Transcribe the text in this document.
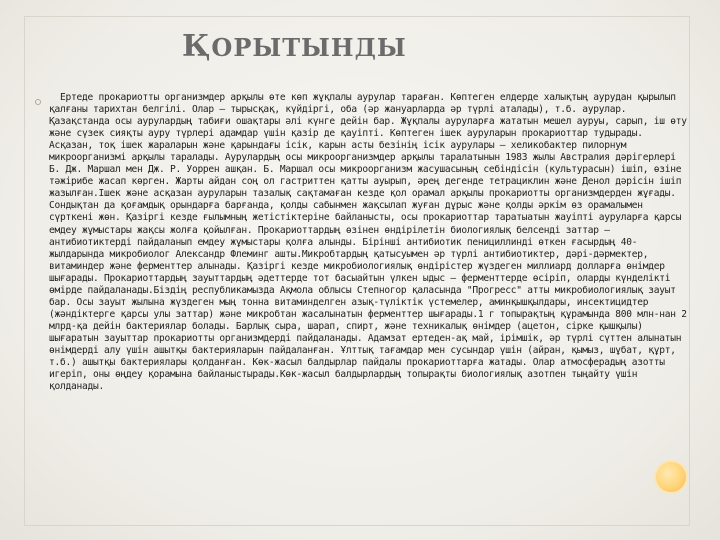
ҚОРЫТЫНДЫ

Ертеде прокариотты организмдер арқылы өте көп жұқпалы аурулар тараған. Көптеген елдерде халықтың аурудан қырылып қалғаны тарихтан белгілі. Олар — тырысқақ, күйдіргі, оба (әр жануарларда әр түрлі аталады), т.б. аурулар. Қазақстанда осы аурулардың табиғи ошақтары әлі күнге дейін бар. Жұқпалы ауруларға жататын мешел ауруы, сарып, іш өту және сүзек сияқты ауру түрлері адамдар үшін қазір де қауіпті. Көптеген ішек ауруларын прокариоттар тудырады. Асқазан, тоқ ішек жараларын және қарындағы ісік, карын асты безінің ісік аурулары — хеликобактер пилорнум микроорганизмі арқылы таралады. Аурулардың осы микроорганизмдер арқылы таралатынын 1983 жылы Австралия дәрігерлері Б. Дж. Маршал мен Дж. Р. Уоррен ашқан. Б. Маршал осы микроорганизм жасушасының себіндісін (культурасын) ішіп, өзіне тәжірибе жасап көрген. Жарты айдан соң ол гастриттен қатты ауырып, әрең дегенде тетрациклин және Денол дәрісін ішіп жазылған.Ішек және асқазан ауруларын тазалық сақтамаған кезде қол орамал арқылы прокариотты организмдерден жұғады. Сондықтан да қоғамдық орындарға барғанда, қолды сабынмен жақсылап жуған дұрыс және қолды әркім өз орамалымен сүрткені жөн. Қазіргі кезде ғылымның жетістіктеріне байланысты, осы прокариоттар таратыатын жауіпті ауруларға қарсы емдеу жұмыстары жақсы жолға қойылған. Прокариоттардың өзінен өндірілетін биологиялық белсенді заттар — антибиотиктерді пайдаланып емдеу жұмыстары қолға алынды. Бірінші антибиотик пенициллинді өткен ғасырдың 40-жылдарында микробиолог Александр Флеминг ашты.Микробтардың қатысуымен әр түрлі антибиотиктер, дәрі-дәрмектер, витаминдер және ферменттер алынады. Қазіргі кезде микробиологиялық өндірістер жүздеген миллиард долларға өнімдер шығарады. Прокариоттардың зауыттардың әдеттерде тот басыайтын үлкен ыдыс — ферменттерде өсіріп, оларды күнделікті өмірде пайдаланады.Біздің республикамызда Ақмола облысы Степногор қаласында "Прогресс" атты микробиологиялық зауыт бар. Осы зауыт жылына жүздеген мың тонна витаминделген азық-түліктік үстемелер, аминқышқылдары, инсектицидтер (жәндіктерге қарсы улы заттар) және микробтан жасалынатын ферменттер шығарады.1 г топырақтың құрамында 800 млн-нан 2 млрд-қа дейін бактериялар болады. Барлық сыра, шарап, спирт, және техникалық өнімдер (ацетон, сірке қышқылы) шығаратын зауыттар прокариотты организмдерді пайдаланады. Адамзат ертеден-ақ май, ірімшік, әр түрлі сүттен алынатын өнімдерді алу үшін ашытқы бактерияларын пайдаланған. Ұлттық тағамдар мен сусындар үшін (айран, қымыз, шұбат, құрт, т.б.) ашытқы бактериялары қолданған. Көк-жасыл балдырлар пайдалы прокариоттарға жатады. Олар атмосферадың азотты игеріп, оны өңдеу қорамына байланыстырады.Көк-жасыл балдырлардың топырақты биологиялық азотпен тыңайту үшін қолданады.
